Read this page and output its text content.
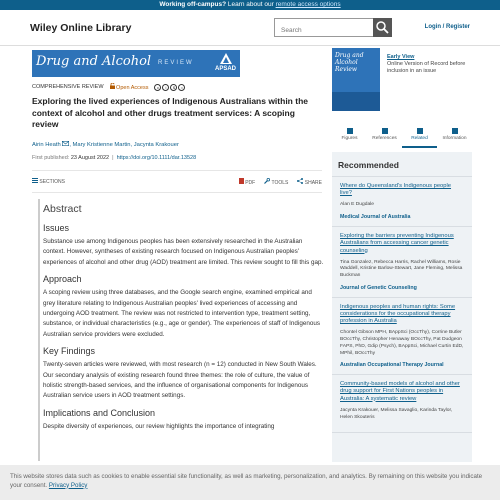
Working off-campus? Learn about our remote access options
Wiley Online Library
Search	Login / Register
Drug and Alcohol REVIEW
APSAD
COMPREHENSIVE REVIEW	Open Access	c i $ =
Exploring the lived experiences of Indigenous Australians within the context of alcohol and other drugs treatment services: A scoping review
Airin Heath , Mary Kristienne Martin, Jacynta Krakouer
First published: 23 August 2022 | https://doi.org/10.1111/dar.13528
SECTIONS	PDF	TOOLS	SHARE
Abstract
Issues

Substance use among Indigenous peoples has been extensively researched in the Australian context. However, syntheses of existing research focused on Indigenous Australian peoples' experiences of alcohol and other drug (AOD) treatment are limited. This review sought to fill this gap.

Approach

A scoping review using three databases, and the Google search engine, examined empirical and grey literature relating to Indigenous Australian peoples' lived experiences of accessing and undergoing AOD treatment. The review was not restricted to intervention type, treatment setting, substance, or individual characteristics (e.g., age or gender). The experiences of staff of Indigenous Australian service providers were excluded.

Key Findings

Twenty-seven articles were reviewed, with most research (n = 12) conducted in New South Wales. Our secondary analysis of existing research found three themes: the role of culture, the value of holistic strength-based services, and the influence of organisational components for Indigenous Australian service users in AOD treatment settings.

Implications and Conclusion

Despite diversity of experiences, our review highlights the importance of integrating

Drug and Alcohol Review
Early View
Online Version of Record before inclusion in an issue
Figures	References	Related	Information
Recommended
Where do Queensland's Indigenous people live?
Alan E Dugdale
Medical Journal of Australia
Exploring the barriers preventing Indigenous Australians from accessing cancer genetic counseling
Tina Gonzalez, Rebecca Harris, Rachel Williams, Rosie Waddell, Kristine Barlow-Stewart, Jane Fleming, Melissa Buckman
Journal of Genetic Counseling
Indigenous peoples and human rights: Some considerations for the occupational therapy profession in Australia
Chontel Gibson MPH, BAppSci (OccThy), Corrine Butler BOccThy, Christopher Henaway BOccThy, Pat Dudgeon FAPS, PhD, Gdip (Psych), BAppSci, Michael Curtin EdD, MPhil, BOccThy
Australian Occupational Therapy Journal
Community-based models of alcohol and other drug support for First Nations peoples in Australia: A systematic review
Jacynta Krakouer, Melissa Savaglio, Karinda Taylor, Helen Skouteris
This website stores data such as cookies to enable essential site functionality, as well as marketing, personalization, and analytics. By remaining on this website you indicate your consent. Privacy Policy
